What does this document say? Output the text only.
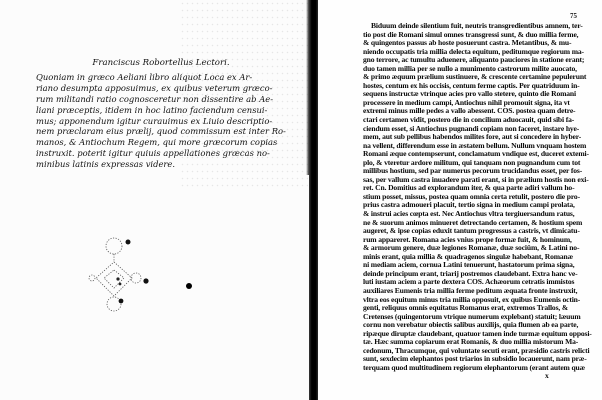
Franciscus Robortellus Lectori.
Quoniam in græco Aeliani libro aliquot Loca ex Ar-
riano desumpta apposuimus, ex quibus veterum græco-
rum militandi ratio cognosceretur non dissentire ab Ae-
liani præceptis, itidem in hoc latino faciendum censui-
mus; apponendum igitur curauimus ex Liuio descriptio-
nem præclaram eius prælij, quod commissum est inter Ro-
manos, & Antiochum Regem, qui more græcorum copias
instruxit. poterit igitur quiuis appellationes græcas no-
minibus latinis expressas videre.
75
Biduum deinde silentium fuit, neutris transgredientibus amnem, ter-
tio post die Romani simul omnes transgressi sunt, & duo millia ferme,
& quingentos passus ab hoste posuerunt castra. Metantibus, & mu-
niendo occupatis tria millia delecta equitum, peditumque regiorum ma-
gno terrore, ac tumultu aduenere, aliquanto pauciores in statione erant;
duo tamen millia per se nullo a munimento castrorum milite auocato,
& primo æquum prælium sustinuere, & crescente certamine pepulerunt
hostes, centum ex his occisis, centum ferme captis. Per quatriduum in-
sequens instructæ vtrinque acies pro vallo stetere, quinto die Romani
processere in medium campi, Antiochus nihil promouit signa, ita vt
extremi minus mille pedes a vallo abessent. COS. postea quam detre-
ctari certamen vidit, postero die in concilium aduocauit, quid sibi fa-
ciendum esset, si Antiochus pugnandi copiam non faceret, instare hye-
mem, aut sub pellibus habendos milites fore, aut si concedere in hyber-
na vellent, differendum esse in æstatem bellum. Nullum vnquam hostem
Romani æque contempserunt, conclamatum vndique est, duceret extemi-
plo, & vteretur ardore militum, qui tanquam non pugnandum cum tot
millibus hostium, sed par numerus pecorum trucidandus esset, per fos-
sas, per vallum castra inuadere parati erant, si in prælium hostis non exi-
ret. Cn. Domitius ad explorandum iter, & qua parte adiri vallum ho-
stium posset, missus, postea quam omnia certa retulit, postero die pro-
prius castra admoueri placuit, tertio signa in medium campi prolata,
& instrui acies cœpta est. Nec Antiochus vltra tergiuersandum ratus,
ne & suorum animos minueret detrectando certamen, & hostium spem
augeret, & ipse copias eduxit tantum progressus a castris, vt dimicatu-
rum appareret. Romana acies vnius prope formæ fuit, & hominum,
& armorum genere, duæ legiones Romanæ, duæ sociûm, & Latini no-
minis erant, quia millia & quadragenos singulæ habebant, Romanæ
ni mediam aciem, cornua Latini tenuerunt, hastatorum prima signa,
deinde principum erant, triarij postremos claudebant. Extra hanc ve-
luti iustam aciem a parte dextera COS. Achæorum cetratis immistos
auxiliares Eumenis tria millia ferme peditum æquata fronte instruxit,
vltra eos equitum minus tria millia opposuit, ex quibus Eumenis octin-
genti, reliquus omnis equitatus Romanus erat, extremos Trallos, &
Cretenses (quingentorum vtrique numerum explebant) statuit; læuum
cornu non verebatur obiectis salibus auxilijs, quia flumen ab ea parte,
ripæque diruptæ claudebant, quatuor tamen inde turmæ equitum opposi-
tæ. Hæc summa copiarum erat Romanis, & duo millia mistorum Ma-
cedonum, Thracumque, qui voluntate secuti erant, præsidio castris relicti
sunt, sexdecim elephantos post triarios in subsidio locauerunt, nam præ-
terquam quod multitudinem regiorum elephantorum (erant autem quæ
x
